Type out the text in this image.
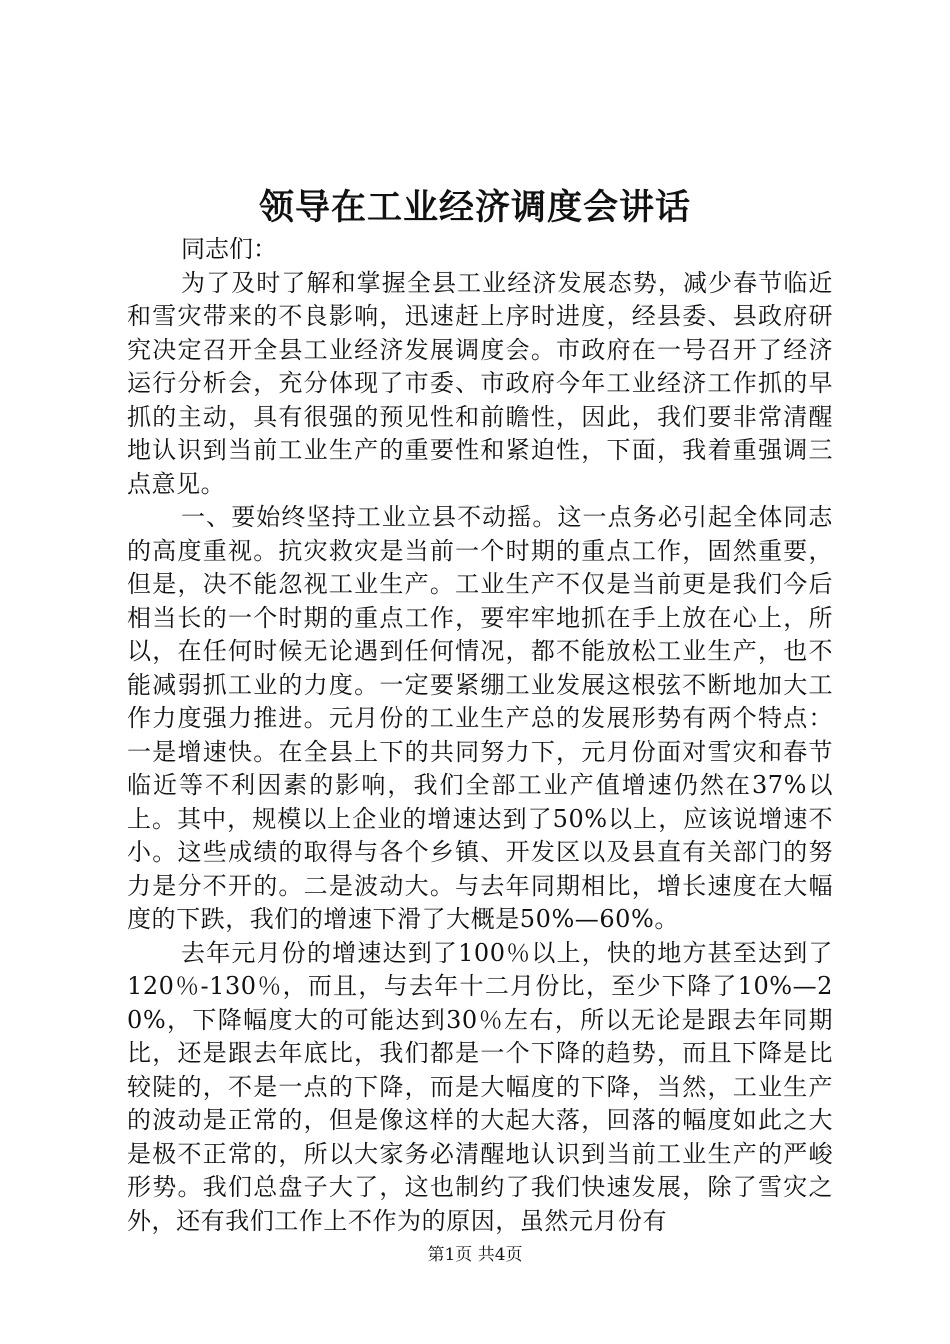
领导在工业经济调度会讲话

同志们：

为了及时了解和掌握全县工业经济发展态势，减少春节临近和雪灾带来的不良影响，迅速赶上序时进度，经县委、县政府研究决定召开全县工业经济发展调度会。市政府在一号召开了经济运行分析会，充分体现了市委、市政府今年工业经济工作抓的早抓的主动，具有很强的预见性和前瞻性，因此，我们要非常清醒地认识到当前工业生产的重要性和紧迫性，下面，我着重强调三点意见。

一、要始终坚持工业立县不动摇。这一点务必引起全体同志的高度重视。抗灾救灾是当前一个时期的重点工作，固然重要，但是，决不能忽视工业生产。工业生产不仅是当前更是我们今后相当长的一个时期的重点工作，要牢牢地抓在手上放在心上，所以，在任何时候无论遇到任何情况，都不能放松工业生产，也不能减弱抓工业的力度。一定要紧绷工业发展这根弦不断地加大工作力度强力推进。元月份的工业生产总的发展形势有两个特点：一是增速快。在全县上下的共同努力下，元月份面对雪灾和春节临近等不利因素的影响，我们全部工业产值增速仍然在37%以上。其中，规模以上企业的增速达到了50%以上，应该说增速不小。这些成绩的取得与各个乡镇、开发区以及县直有关部门的努力是分不开的。二是波动大。与去年同期相比，增长速度在大幅度的下跌，我们的增速下滑了大概是50%—60%。

去年元月份的增速达到了100％以上，快的地方甚至达到了120％-130％，而且，与去年十二月份比，至少下降了10%—20%，下降幅度大的可能达到30％左右，所以无论是跟去年同期比，还是跟去年底比，我们都是一个下降的趋势，而且下降是比较陡的，不是一点的下降，而是大幅度的下降，当然，工业生产的波动是正常的，但是像这样的大起大落，回落的幅度如此之大是极不正常的，所以大家务必清醒地认识到当前工业生产的严峻形势。我们总盘子大了，这也制约了我们快速发展，除了雪灾之外，还有我们工作上不作为的原因，虽然元月份有

第1页 共4页
